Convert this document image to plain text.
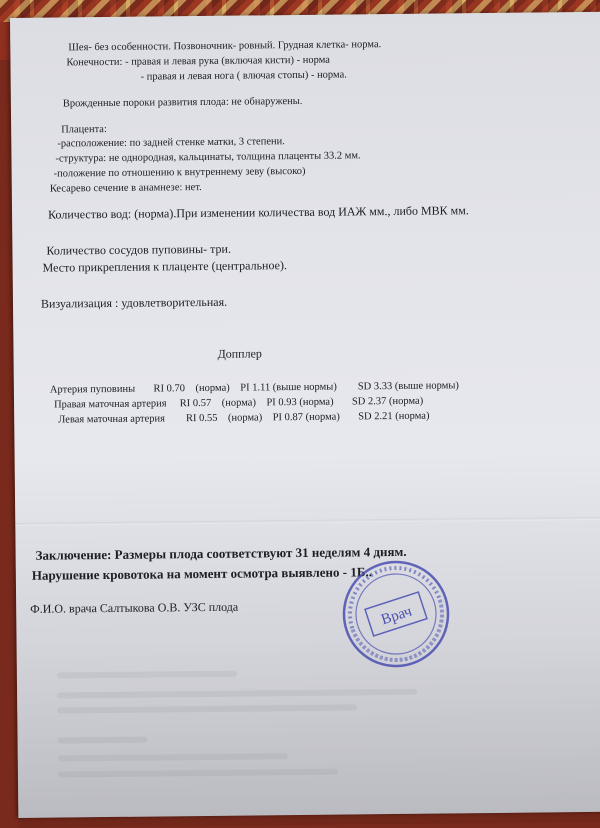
Шея- без особенности. Позвоночник- ровный. Грудная клетка- норма.
Конечности: - правая и левая рука (включая кисти) - норма
- правая и левая нога ( влючая стопы) - норма.
Врожденные пороки развития плода: не обнаружены.
Плацента:
-расположение: по задней стенке матки, 3 степени.
-структура: не однородная, кальцинаты, толщина плаценты 33.2 мм.
-положение по отношению к внутреннему зеву (высоко)
Кесарево сечение в анамнезе: нет.
Количество вод: (норма).При изменении количества вод ИАЖ мм., либо МВК мм.
Количество сосудов пуповины- три.
Место прикрепления к плаценте (центральное).
Визуализация : удовлетворительная.
Допплер
Артерия пуповины RI 0.70 (норма) PI 1.11 (выше нормы) SD 3.33 (выше нормы)
Правая маточная артерия RI 0.57 (норма) PI 0.93 (норма) SD 2.37 (норма)
Левая маточная артерия RI 0.55 (норма) PI 0.87 (норма) SD 2.21 (норма)
Заключение: Размеры плода соответствуют 31 неделям 4 дням.
Нарушение кровотока на момент осмотра выявлено - 1Б..
Ф.И.О. врача Салтыкова О.В. УЗС плода	Врач
